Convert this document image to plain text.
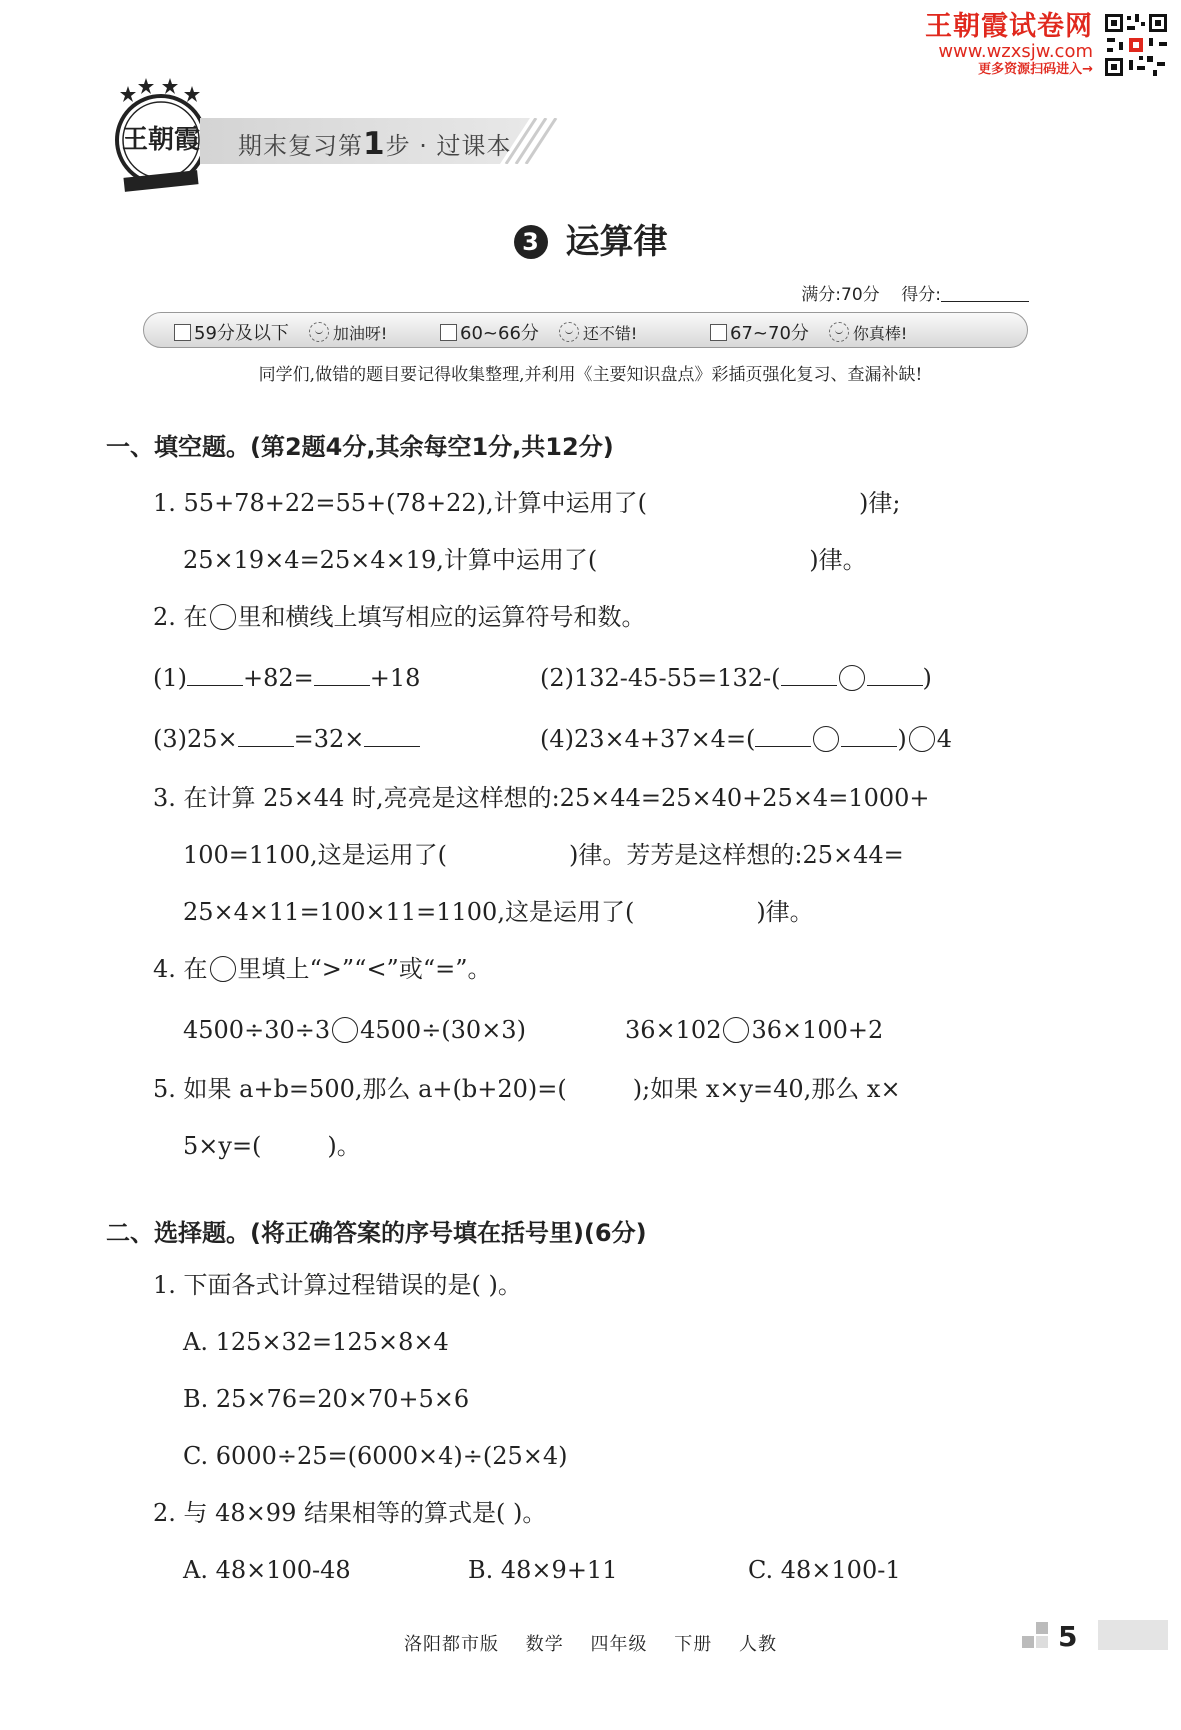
王朝霞试卷网
www.wzxsjw.com
更多资源扫码进入→
王朝霞 期末复习第1步 · 过课本
3 运算律
满分:70分 得分:
59分及以下	加油呀!	60~66分	还不错!	67~70分	你真棒!
同学们,做错的题目要记得收集整理,并利用《主要知识盘点》彩插页强化复习、查漏补缺!
一、填空题。(第2题4分,其余每空1分,共12分)
1. 55+78+22=55+(78+22),计算中运用了(	)律;
25×19×4=25×4×19,计算中运用了(	)律。
2. 在 里和横线上填写相应的运算符号和数。
(1) +82= +18	(2)132-45-55=132-(	)
(3)25× =32×	(4)23×4+37×4=(	) 4
3. 在计算 25×44 时,亮亮是这样想的:25×44=25×40+25×4=1000+
100=1100,这是运用了(	)律。芳芳是这样想的:25×44=
25×4×11=100×11=1100,这是运用了(	)律。
4. 在 里填上“>”“<”或“=”。
4500÷30÷3 4500÷(30×3)	36×102 36×100+2
5. 如果 a+b=500,那么 a+(b+20)=(	);如果 x×y=40,那么 x×
5×y=(	)。
二、选择题。(将正确答案的序号填在括号里)(6分)
1. 下面各式计算过程错误的是( )。
A. 125×32=125×8×4
B. 25×76=20×70+5×6
C. 6000÷25=(6000×4)÷(25×4)
2. 与 48×99 结果相等的算式是( )。
A. 48×100-48	B. 48×9+11	C. 48×100-1
洛阳都市版 数学 四年级 下册 人教	5
